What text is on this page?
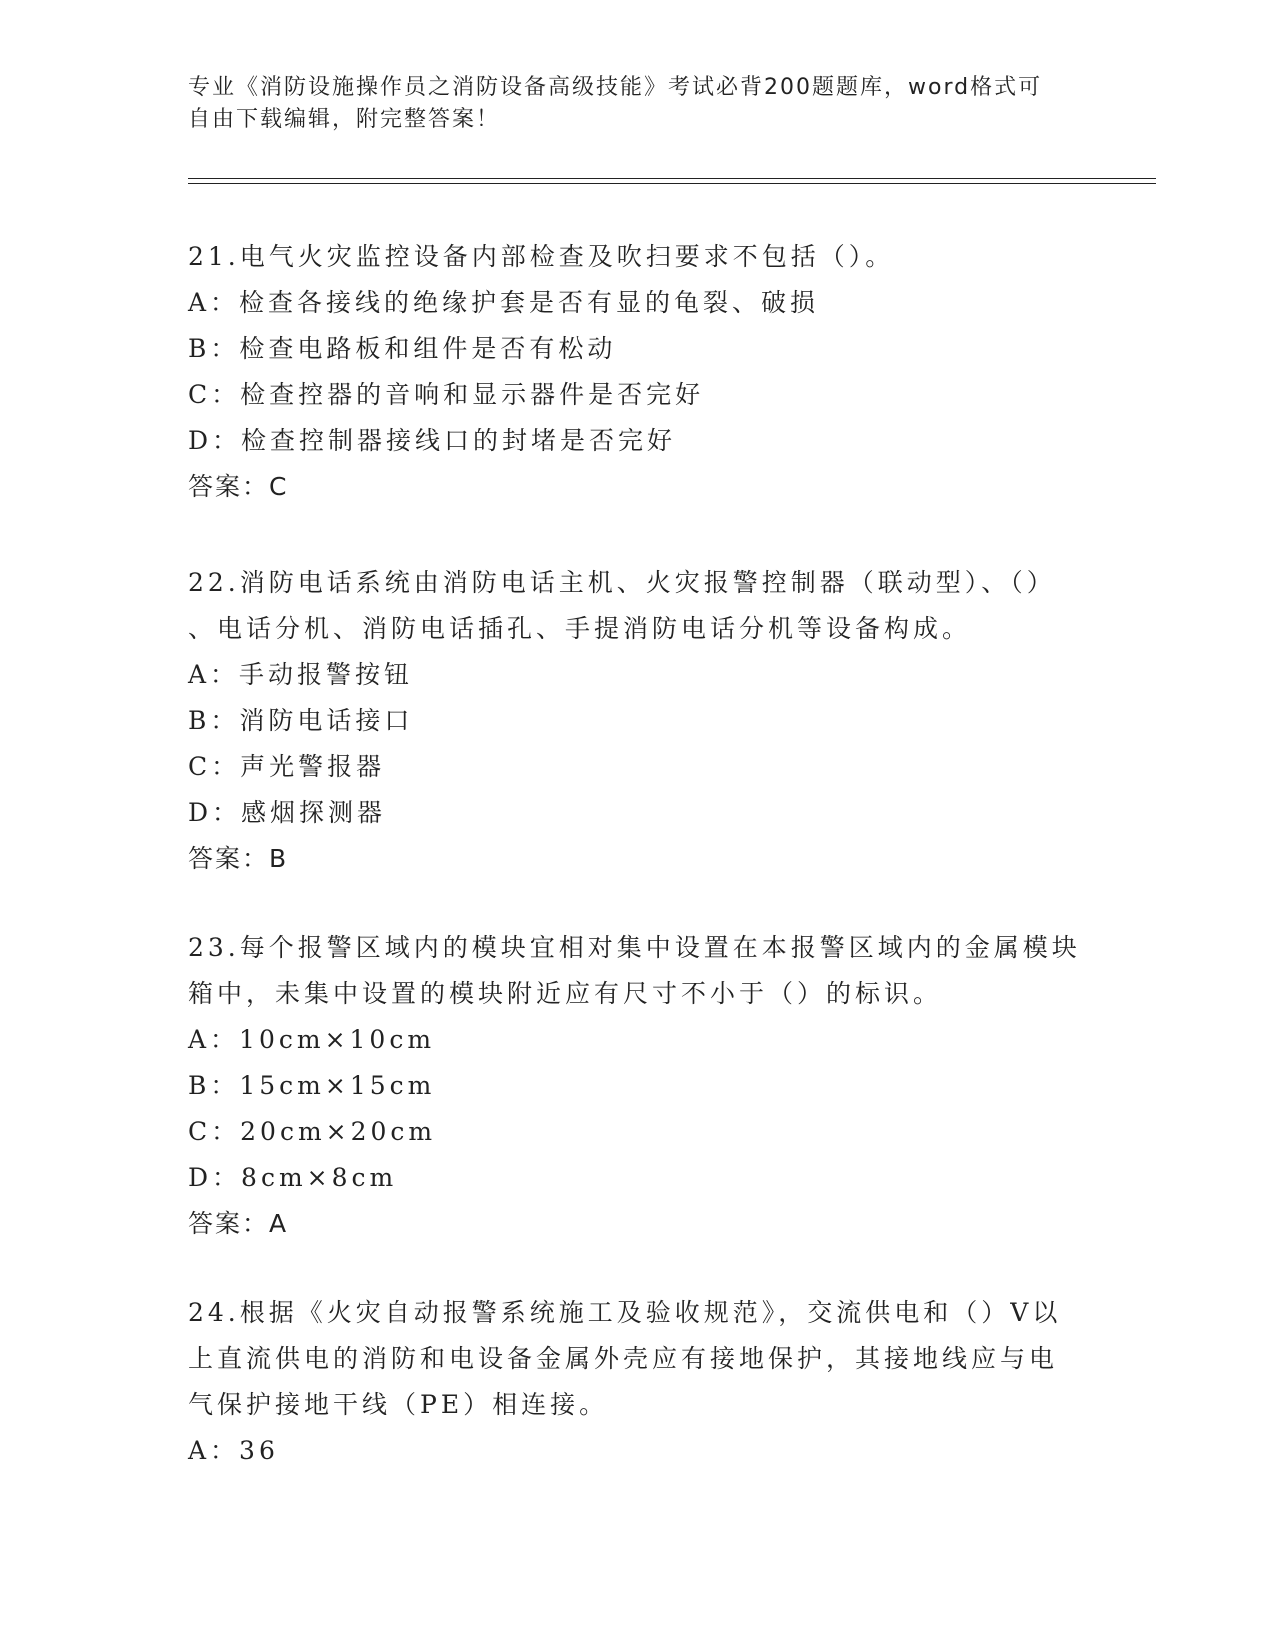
专业《消防设施操作员之消防设备高级技能》考试必背200题题库，word格式可
自由下载编辑，附完整答案！

21.电气火灾监控设备内部检查及吹扫要求不包括（）。

A：检查各接线的绝缘护套是否有显的龟裂、破损

B：检查电路板和组件是否有松动

C：检查控器的音响和显示器件是否完好

D：检查控制器接线口的封堵是否完好

答案：C

22.消防电话系统由消防电话主机、火灾报警控制器（联动型）、（）

、电话分机、消防电话插孔、手提消防电话分机等设备构成。

A：手动报警按钮

B：消防电话接口

C：声光警报器

D：感烟探测器

答案：B

23.每个报警区域内的模块宜相对集中设置在本报警区域内的金属模块

箱中，未集中设置的模块附近应有尺寸不小于（）的标识。

A：10cm×10cm

B：15cm×15cm

C：20cm×20cm

D：8cm×8cm

答案：A

24.根据《火灾自动报警系统施工及验收规范》，交流供电和（）V以

上直流供电的消防和电设备金属外壳应有接地保护，其接地线应与电

气保护接地干线（PE）相连接。

A：36
